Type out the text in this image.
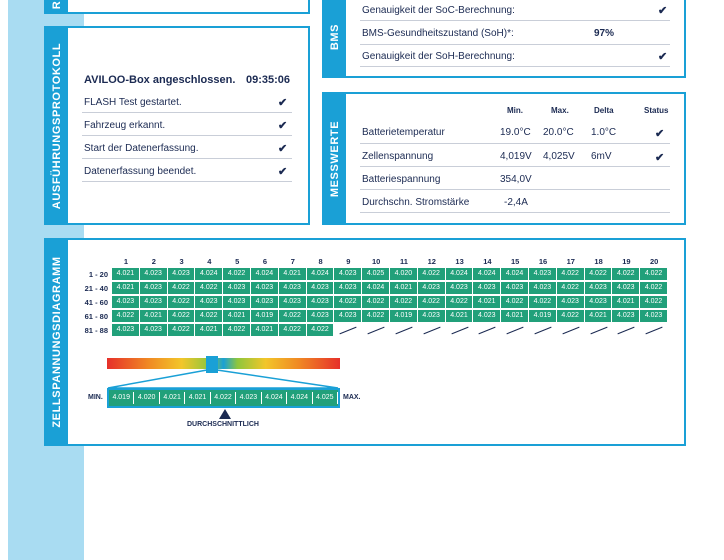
R
BMS
Genauigkeit der SoC-Berechnung:	✔
BMS-Gesundheitszustand (SoH)*:	97%
Genauigkeit der SoH-Berechnung:	✔
AUSFÜHRUNGSPROTOKOLL AVILOO-Box angeschlossen. 09:35:06
FLASH Test gestartet.	✔
Fahrzeug erkannt.	✔
Start der Datenerfassung.	✔
Datenerfassung beendet.	✔	MESSWERTE
Min.	Max.	Delta	Status
Batterietemperatur	19.0°C 20.0°C 1.0°C	✔
Zellenspannung	4,019V 4,025V 6mV	✔
Batteriespannung	354,0V
Durchschn. Stromstärke	-2,4A
ZELLSPANNUNGSDIAGRAMM	1	2	3	4	5	6	7	8	9	10	11	12	13	14	15	16	17	18	19	20
1 - 20	4.021	4.023	4.023	4.024	4.022	4.024	4.021	4.024	4.023	4.025	4.020	4.022	4.024	4.024	4.024	4.023	4.022	4.022	4.022	4.022
21 - 40	4.021	4.023	4.022	4.022	4.023	4.023	4.023	4.023	4.023	4.024	4.021	4.023	4.023	4.023	4.023	4.023	4.022	4.023	4.023	4.022
41 - 60	4.023	4.023	4.022	4.023	4.023	4.023	4.023	4.023	4.022	4.022	4.022	4.022	4.022	4.021	4.022	4.022	4.023	4.023	4.021	4.022
61 - 80	4.022	4.021	4.022	4.022	4.021	4.019	4.022	4.023	4.023	4.022	4.019	4.023	4.021	4.023	4.021	4.019	4.022	4.021	4.023	4.023
81 - 88	4.023	4.023	4.022	4.021	4.022	4.021	4.022	4.022
MIN.	4.019	4.020	4.021	4.021	4.022	4.023	4.024	4.024	4.025	MAX.
DURCHSCHNITTLICH
